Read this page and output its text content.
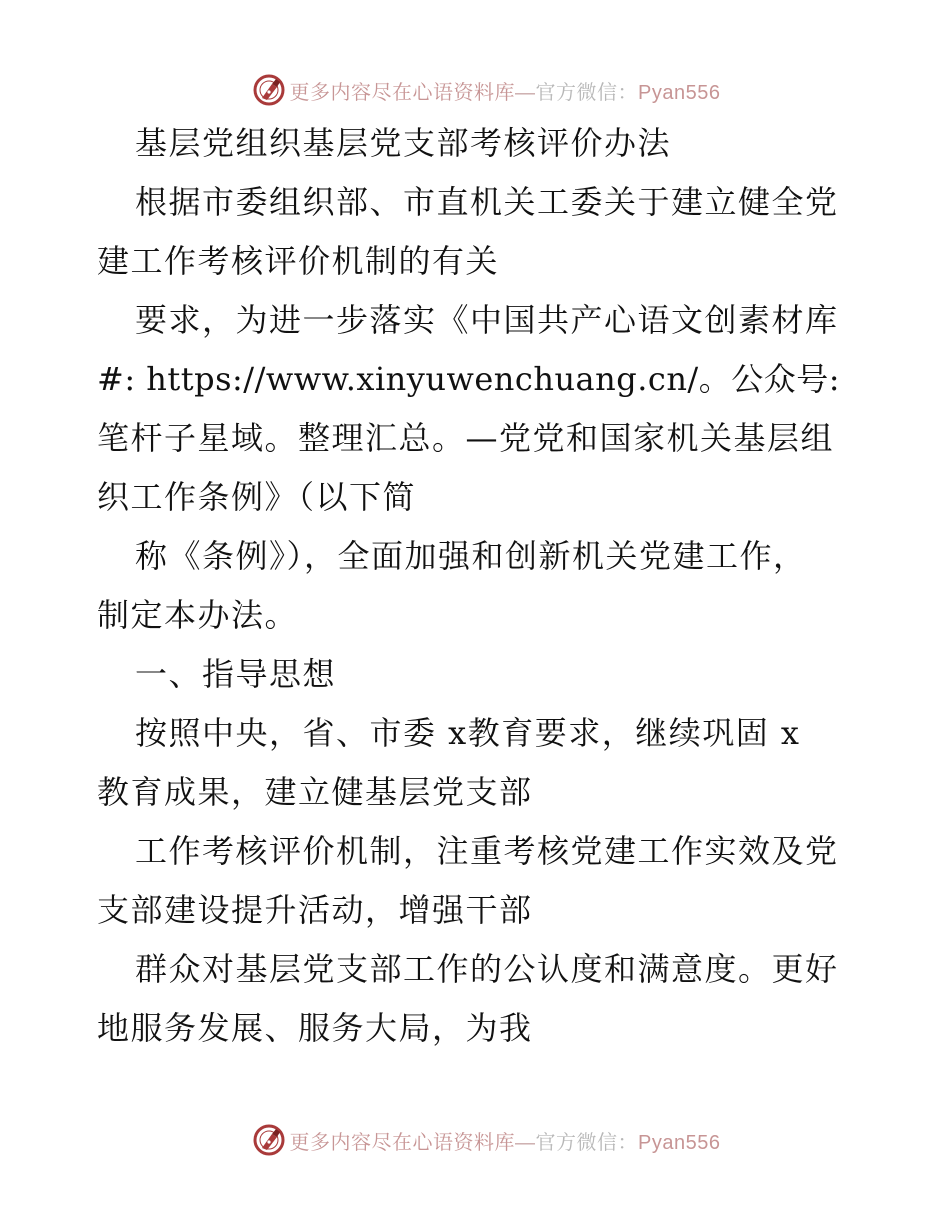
更多内容尽在心语资料库—官方微信：Pyan556
基层党组织基层党支部考核评价办法
根据市委组织部、市直机关工委关于建立健全党
建工作考核评价机制的有关
要求，为进一步落实《中国共产心语文创素材库
#: https://www.xinyuwenchuang.cn/。公众号:
笔杆子星域。整理汇总。—党党和国家机关基层组
织工作条例》（以下简
称《条例》），全面加强和创新机关党建工作，
制定本办法。
一、指导思想
按照中央，省、市委 x教育要求，继续巩固 x
教育成果，建立健基层党支部
工作考核评价机制，注重考核党建工作实效及党
支部建设提升活动，增强干部
群众对基层党支部工作的公认度和满意度。更好
地服务发展、服务大局，为我
更多内容尽在心语资料库—官方微信：Pyan556
